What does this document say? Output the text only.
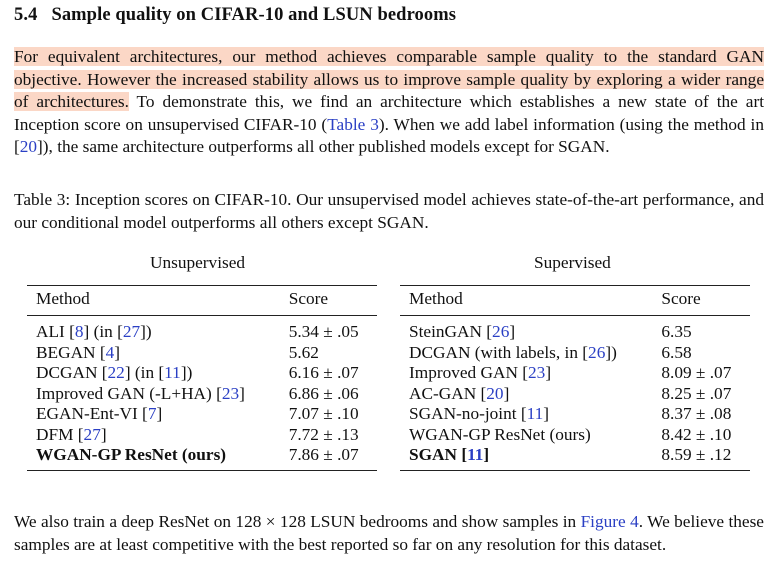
5.4 Sample quality on CIFAR-10 and LSUN bedrooms
For equivalent architectures, our method achieves comparable sample quality to the standard GAN objective. However the increased stability allows us to improve sample quality by exploring a wider range of architectures. To demonstrate this, we find an architecture which establishes a new state of the art Inception score on unsupervised CIFAR-10 (Table 3). When we add label information (using the method in [20]), the same architecture outperforms all other published models except for SGAN.
Table 3: Inception scores on CIFAR-10. Our unsupervised model achieves state-of-the-art performance, and our conditional model outperforms all others except SGAN.
Unsupervised	Supervised
Method	Score
ALI [8] (in [27])	5.34 ± .05
BEGAN [4]	5.62
DCGAN [22] (in [11])	6.16 ± .07
Improved GAN (-L+HA) [23]	6.86 ± .06
EGAN-Ent-VI [7]	7.07 ± .10
DFM [27]	7.72 ± .13
WGAN-GP ResNet (ours)	7.86 ± .07
Method	Score
SteinGAN [26]	6.35
DCGAN (with labels, in [26])	6.58
Improved GAN [23]	8.09 ± .07
AC-GAN [20]	8.25 ± .07
SGAN-no-joint [11]	8.37 ± .08
WGAN-GP ResNet (ours)	8.42 ± .10
SGAN [11]	8.59 ± .12
We also train a deep ResNet on 128 × 128 LSUN bedrooms and show samples in Figure 4. We believe these samples are at least competitive with the best reported so far on any resolution for this dataset.
